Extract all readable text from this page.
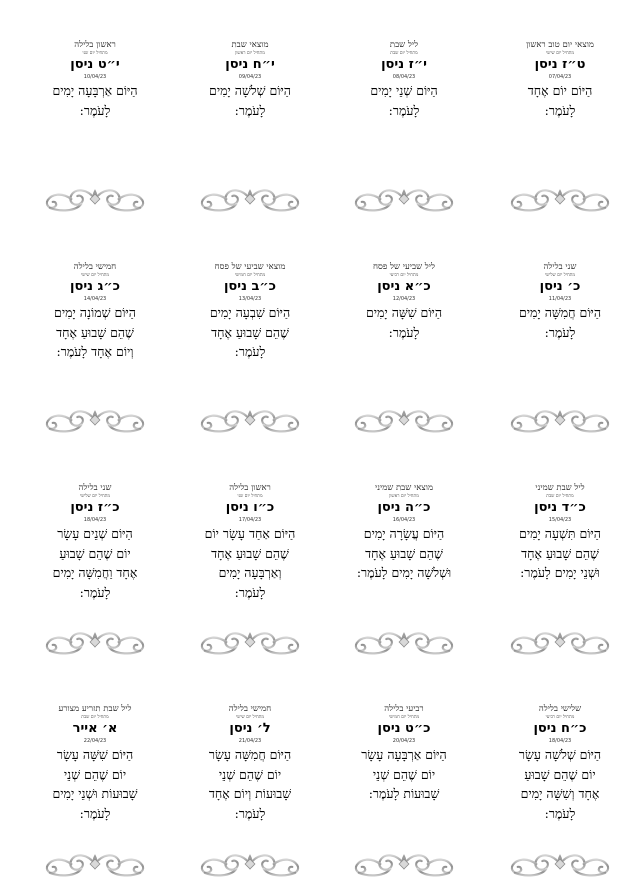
מוצאי יום טוב ראשון
מתחיל יום שישי
ט״ז ניסן
07/04/23
הַיּוֹם יוֹם אֶחָד
לָעֹמֶר:
ליל שבת
מתחיל יום שבת
י״ז ניסן
08/04/23
הַיּוֹם שְׁנֵי יָמִים
לָעֹמֶר:
מוצאי שבת
מתחיל יום ראשון
י״ח ניסן
09/04/23
הַיּוֹם שְׁלשָׁה יָמִים
לָעֹמֶר:
ראשון בלילה
מתחיל יום שני
י״ט ניסן
10/04/23
הַיּוֹם אַרְבָּעָה יָמִים
לָעֹמֶר:
שני בלילה
מתחיל יום שלישי
כ׳ ניסן
11/04/23
הַיּוֹם חֲמִשָּׁה יָמִים
לָעֹמֶר:
ליל שביעי של פסח
מתחיל יום רביעי
כ״א ניסן
12/04/23
הַיּוֹם שִׁשָּׁה יָמִים
לָעֹמֶר:
מוצאי שביעי של פסח
מתחיל יום חמישי
כ״ב ניסן
13/04/23
הַיּוֹם שִׁבְעָה יָמִים
שֶׁהֵם שָׁבוּעַ אֶחָד
לָעֹמֶר:
חמישי בלילה
מתחיל יום שישי
כ״ג ניסן
14/04/23
הַיּוֹם שְׁמוֹנָה יָמִים
שֶׁהֵם שָׁבוּעַ אֶחָד
וְיוֹם אֶחָד לָעֹמֶר:
ליל שבת שמיני
מתחיל יום שבת
כ״ד ניסן
15/04/23
הַיּוֹם תִּשְׁעָה יָמִים
שֶׁהֵם שָׁבוּעַ אֶחָד
וּשְׁנֵי יָמִים לָעֹמֶר:
מוצאי שבת שמיני
מתחיל יום ראשון
כ״ה ניסן
16/04/23
הַיּוֹם עֲשָׂרָה יָמִים
שֶׁהֵם שָׁבוּעַ אֶחָד
וּשְׁלשָׁה יָמִים לָעֹמֶר:
ראשון בלילה
מתחיל יום שני
כ״ו ניסן
17/04/23
הַיּוֹם אַחַד עָשָׂר יוֹם
שֶׁהֵם שָׁבוּעַ אֶחָד
וְאַרְבָּעָה יָמִים
לָעֹמֶר:
שני בלילה
מתחיל יום שלישי
כ״ז ניסן
18/04/23
הַיּוֹם שְׁנֵים עָשָׂר
יוֹם שֶׁהֵם שָׁבוּעַ
אֶחָד וַחֲמִשָּׁה יָמִים
לָעֹמֶר:
שלישי בלילה
מתחיל יום רביעי
כ״ח ניסן
18/04/23
הַיּוֹם שְׁלשָׁה עָשָׂר
יוֹם שֶׁהֵם שָׁבוּעַ
אֶחָד וְשִׁשָּׁה יָמִים
לָעֹמֶר:
רביעי בלילה
מתחיל יום חמישי
כ״ט ניסן
20/04/23
הַיּוֹם אַרְבָּעָה עָשָׂר
יוֹם שֶׁהֵם שְׁנֵי
שָׁבוּעוֹת לָעֹמֶר:
חמישי בלילה
מתחיל יום שישי
ל׳ ניסן
21/04/23
הַיּוֹם חֲמִשָּׁה עָשָׂר
יוֹם שֶׁהֵם שְׁנֵי
שָׁבוּעוֹת וְיוֹם אֶחָד
לָעֹמֶר:
ליל שבת תזריע מצורע
מתחיל יום שבת
א׳ אייר
22/04/23
הַיּוֹם שִׁשָּׁה עָשָׂר
יוֹם שֶׁהֵם שְׁנֵי
שָׁבוּעוֹת וּשְׁנֵי יָמִים
לָעֹמֶר:
